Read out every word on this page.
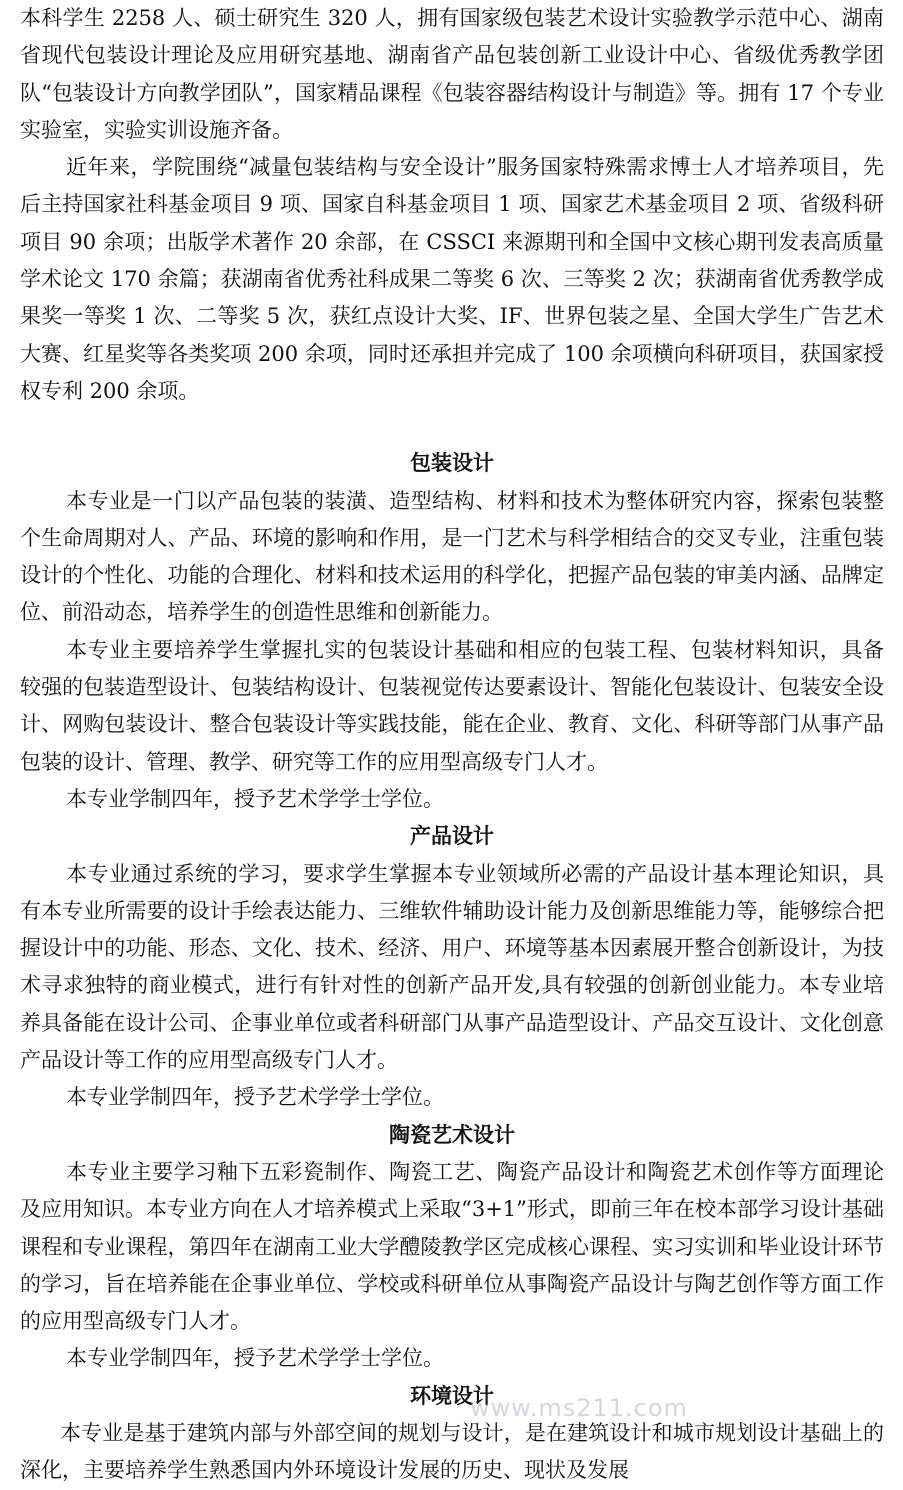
本科学生 2258 人、硕士研究生 320 人，拥有国家级包装艺术设计实验教学示范中心、湖南省现代包装设计理论及应用研究基地、湖南省产品包装创新工业设计中心、省级优秀教学团队“包装设计方向教学团队”，国家精品课程《包装容器结构设计与制造》等。拥有 17 个专业实验室，实验实训设施齐备。

近年来，学院围绕“减量包装结构与安全设计”服务国家特殊需求博士人才培养项目，先后主持国家社科基金项目 9 项、国家自科基金项目 1 项、国家艺术基金项目 2 项、省级科研项目 90 余项；出版学术著作 20 余部，在 CSSCI 来源期刊和全国中文核心期刊发表高质量学术论文 170 余篇；获湖南省优秀社科成果二等奖 6 次、三等奖 2 次；获湖南省优秀教学成果奖一等奖 1 次、二等奖 5 次，获红点设计大奖、IF、世界包装之星、全国大学生广告艺术大赛、红星奖等各类奖项 200 余项，同时还承担并完成了 100 余项横向科研项目，获国家授权专利 200 余项。

包装设计

本专业是一门以产品包装的装潢、造型结构、材料和技术为整体研究内容，探索包装整个生命周期对人、产品、环境的影响和作用，是一门艺术与科学相结合的交叉专业，注重包装设计的个性化、功能的合理化、材料和技术运用的科学化，把握产品包装的审美内涵、品牌定位、前沿动态，培养学生的创造性思维和创新能力。

本专业主要培养学生掌握扎实的包装设计基础和相应的包装工程、包装材料知识，具备较强的包装造型设计、包装结构设计、包装视觉传达要素设计、智能化包装设计、包装安全设计、网购包装设计、整合包装设计等实践技能，能在企业、教育、文化、科研等部门从事产品包装的设计、管理、教学、研究等工作的应用型高级专门人才。

本专业学制四年，授予艺术学学士学位。

产品设计

本专业通过系统的学习，要求学生掌握本专业领域所必需的产品设计基本理论知识，具有本专业所需要的设计手绘表达能力、三维软件辅助设计能力及创新思维能力等，能够综合把握设计中的功能、形态、文化、技术、经济、用户、环境等基本因素展开整合创新设计，为技术寻求独特的商业模式，进行有针对性的创新产品开发,具有较强的创新创业能力。本专业培养具备能在设计公司、企事业单位或者科研部门从事产品造型设计、产品交互设计、文化创意产品设计等工作的应用型高级专门人才。

本专业学制四年，授予艺术学学士学位。

陶瓷艺术设计

本专业主要学习釉下五彩瓷制作、陶瓷工艺、陶瓷产品设计和陶瓷艺术创作等方面理论及应用知识。本专业方向在人才培养模式上采取“3+1”形式，即前三年在校本部学习设计基础课程和专业课程，第四年在湖南工业大学醴陵教学区完成核心课程、实习实训和毕业设计环节的学习，旨在培养能在企事业单位、学校或科研单位从事陶瓷产品设计与陶艺创作等方面工作的应用型高级专门人才。

本专业学制四年，授予艺术学学士学位。

环境设计

本专业是基于建筑内部与外部空间的规划与设计，是在建筑设计和城市规划设计基础上的深化，主要培养学生熟悉国内外环境设计发展的历史、现状及发展

www.ms211.com
